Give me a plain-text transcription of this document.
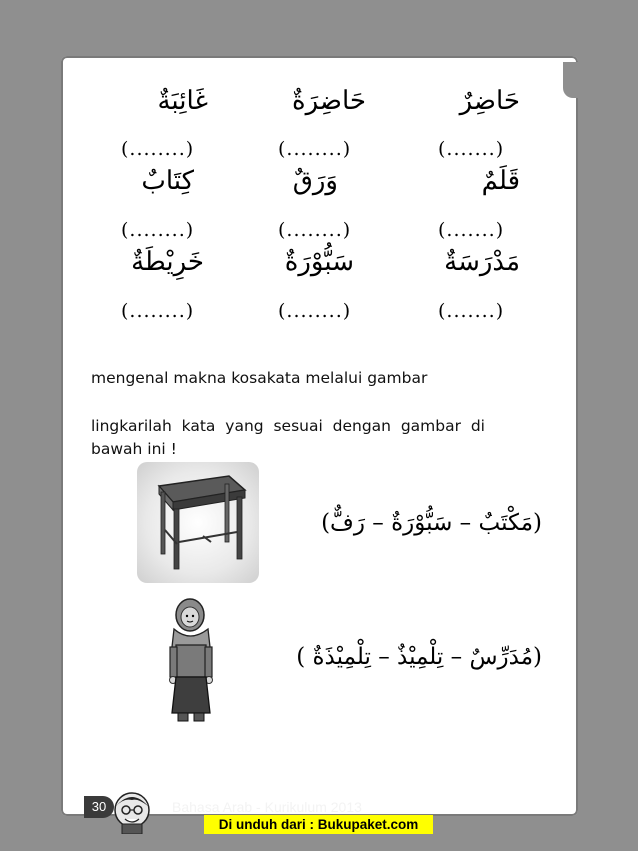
حَاضِرٌ
حَاضِرَةٌ
غَائِبَةٌ
(.......)
(........)
(........)
قَلَمٌ
وَرَقٌ
كِتَابٌ
(.......)
(........)
(........)
مَدْرَسَةٌ
سَبُّوْرَةٌ
خَرِيْطَةٌ
(.......)
(........)
(........)
mengenal makna kosakata melalui gambar
lingkarilah  kata  yang  sesuai  dengan  gambar  di
bawah ini !
(مَكْتَبٌ – سَبُّوْرَةٌ – رَفٌّ)
(مُدَرِّسٌ – تِلْمِيْذٌ – تِلْمِيْذَةٌ )
30	Bahasa Arab - Kurikulum 2013
Di unduh dari : Bukupaket.com
